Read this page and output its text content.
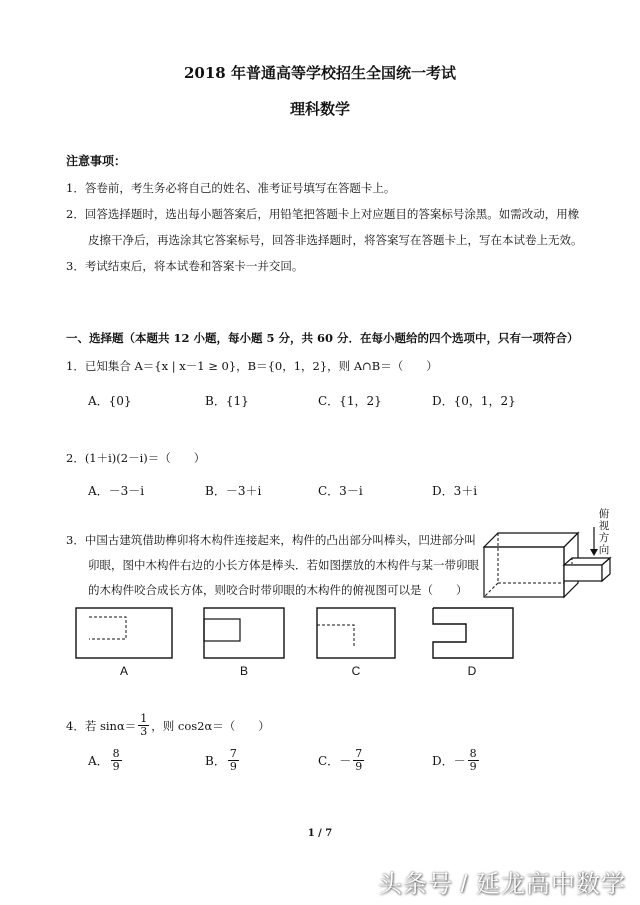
2018 年普通高等学校招生全国统一考试
理科数学
注意事项：
1．答卷前，考生务必将自己的姓名、准考证号填写在答题卡上。
2．回答选择题时，选出每小题答案后，用铅笔把答题卡上对应题目的答案标号涂黑。如需改动，用橡
皮擦干净后，再选涂其它答案标号，回答非选择题时，将答案写在答题卡上，写在本试卷上无效。
3．考试结束后，将本试卷和答案卡一并交回。
一、选择题（本题共 12 小题，每小题 5 分，共 60 分．在每小题给的四个选项中，只有一项符合）
1．已知集合 A＝{x | x－1 ≥ 0}，B＝{0，1，2}，则 A∩B＝（　　）
A．{0}	B．{1}	C．{1，2}	D．{0，1，2}
2．(1＋i)(2－i)＝（　　）
A．－3－i	B．－3＋i	C．3－i	D．3＋i
3．中国古建筑借助榫卯将木构件连接起来，构件的凸出部分叫棒头，凹进部分叫
卯眼，图中木构件右边的小长方体是棒头．若如图摆放的木构件与某一带卯眼
的木构件咬合成长方体，则咬合时带卯眼的木构件的俯视图可以是（　　）
俯
视
方
向
A	B	C	D
4．若 $\sin\alpha= \frac{1}{3}$ ，则 cos2α＝（　　）
A． $\frac{8}{9}$	B． $\frac{7}{9}$	C． － $\frac{7}{9}$	D． － $\frac{8}{9}$
1 / 7
头条号 / 延龙高中数学
